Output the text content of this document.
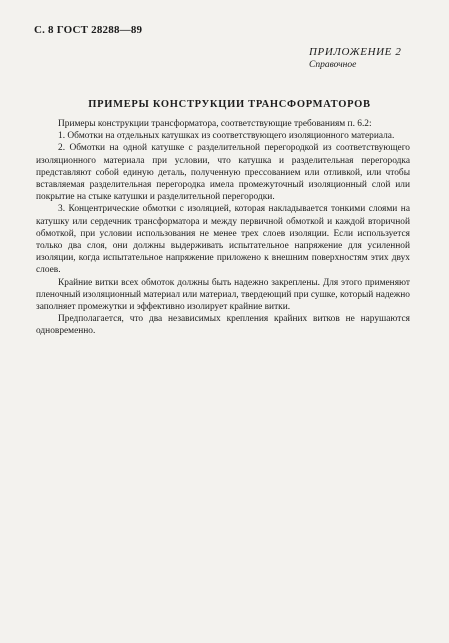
С. 8 ГОСТ 28288—89
ПРИЛОЖЕНИЕ 2
Справочное
ПРИМЕРЫ КОНСТРУКЦИИ ТРАНСФОРМАТОРОВ

Примеры конструкции трансформатора, соответствующие требованиям п. 6.2:

1. Обмотки на отдельных катушках из соответствующего изоляционного материала.

2. Обмотки на одной катушке с разделительной перегородкой из соответствующего изоляционного материала при условии, что катушка и разделительная перегородка представляют собой единую деталь, полученную прессованием или отливкой, или чтобы вставляемая разделительная перегородка имела промежуточный изоляционный слой или покрытие на стыке катушки и разделительной перегородки.

3. Концентрические обмотки с изоляцией, которая накладывается тонкими слоями на катушку или сердечник трансформатора и между первичной обмоткой и каждой вторичной обмоткой, при условии использования не менее трех слоев изоляции. Если используется только два слоя, они должны выдерживать испытательное напряжение для усиленной изоляции, когда испытательное напряжение приложено к внешним поверхностям этих двух слоев.

Крайние витки всех обмоток должны быть надежно закреплены. Для этого применяют пленочный изоляционный материал или материал, твердеющий при сушке, который надежно заполняет промежутки и эффективно изолирует крайние витки.

Предполагается, что два независимых крепления крайних витков не нарушаются одновременно.
